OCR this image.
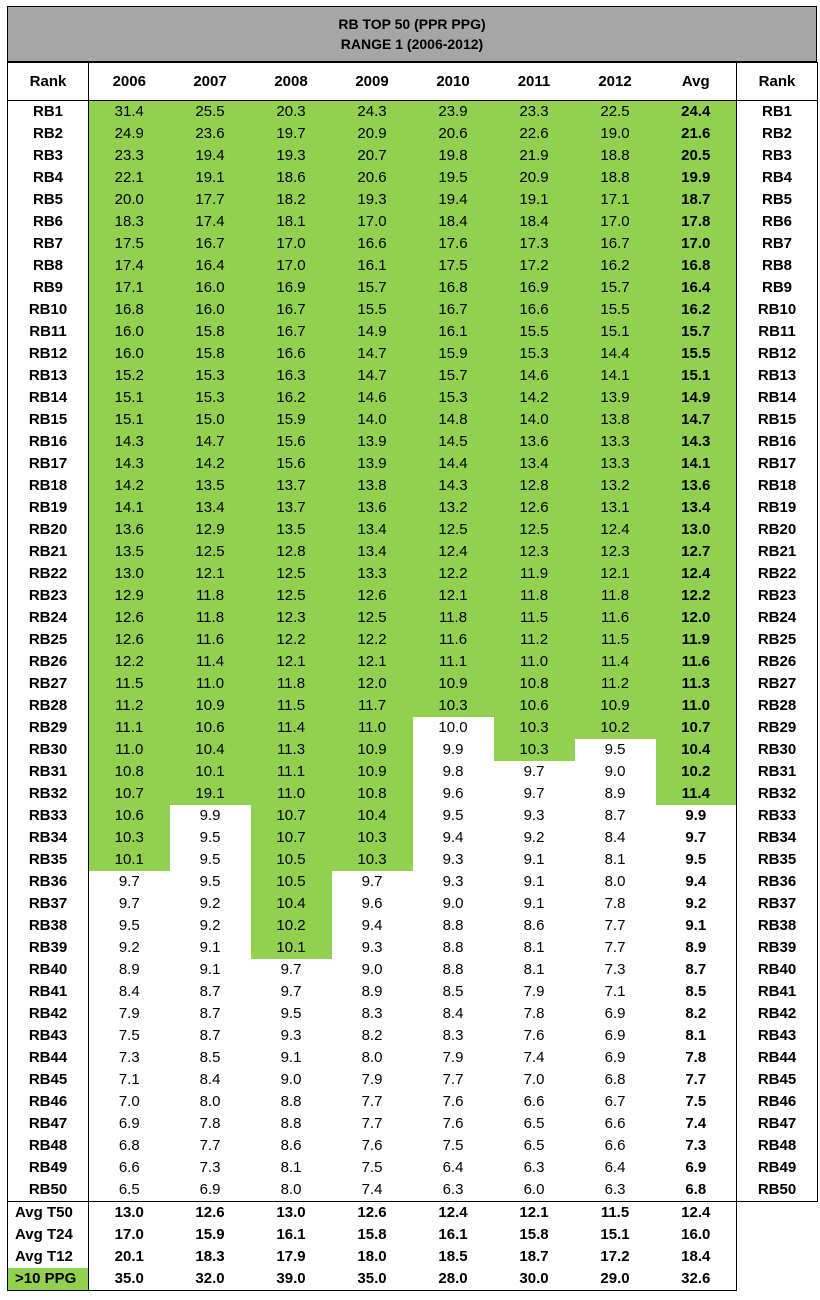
RB TOP 50 (PPR PPG)
RANGE 1 (2006-2012)
Rank	2006	2007	2008	2009	2010	2011	2012	Avg	Rank
RB1	31.4	25.5	20.3	24.3	23.9	23.3	22.5	24.4	RB1
RB2	24.9	23.6	19.7	20.9	20.6	22.6	19.0	21.6	RB2
RB3	23.3	19.4	19.3	20.7	19.8	21.9	18.8	20.5	RB3
RB4	22.1	19.1	18.6	20.6	19.5	20.9	18.8	19.9	RB4
RB5	20.0	17.7	18.2	19.3	19.4	19.1	17.1	18.7	RB5
RB6	18.3	17.4	18.1	17.0	18.4	18.4	17.0	17.8	RB6
RB7	17.5	16.7	17.0	16.6	17.6	17.3	16.7	17.0	RB7
RB8	17.4	16.4	17.0	16.1	17.5	17.2	16.2	16.8	RB8
RB9	17.1	16.0	16.9	15.7	16.8	16.9	15.7	16.4	RB9
RB10	16.8	16.0	16.7	15.5	16.7	16.6	15.5	16.2	RB10
RB11	16.0	15.8	16.7	14.9	16.1	15.5	15.1	15.7	RB11
RB12	16.0	15.8	16.6	14.7	15.9	15.3	14.4	15.5	RB12
RB13	15.2	15.3	16.3	14.7	15.7	14.6	14.1	15.1	RB13
RB14	15.1	15.3	16.2	14.6	15.3	14.2	13.9	14.9	RB14
RB15	15.1	15.0	15.9	14.0	14.8	14.0	13.8	14.7	RB15
RB16	14.3	14.7	15.6	13.9	14.5	13.6	13.3	14.3	RB16
RB17	14.3	14.2	15.6	13.9	14.4	13.4	13.3	14.1	RB17
RB18	14.2	13.5	13.7	13.8	14.3	12.8	13.2	13.6	RB18
RB19	14.1	13.4	13.7	13.6	13.2	12.6	13.1	13.4	RB19
RB20	13.6	12.9	13.5	13.4	12.5	12.5	12.4	13.0	RB20
RB21	13.5	12.5	12.8	13.4	12.4	12.3	12.3	12.7	RB21
RB22	13.0	12.1	12.5	13.3	12.2	11.9	12.1	12.4	RB22
RB23	12.9	11.8	12.5	12.6	12.1	11.8	11.8	12.2	RB23
RB24	12.6	11.8	12.3	12.5	11.8	11.5	11.6	12.0	RB24
RB25	12.6	11.6	12.2	12.2	11.6	11.2	11.5	11.9	RB25
RB26	12.2	11.4	12.1	12.1	11.1	11.0	11.4	11.6	RB26
RB27	11.5	11.0	11.8	12.0	10.9	10.8	11.2	11.3	RB27
RB28	11.2	10.9	11.5	11.7	10.3	10.6	10.9	11.0	RB28
RB29	11.1	10.6	11.4	11.0	10.0	10.3	10.2	10.7	RB29
RB30	11.0	10.4	11.3	10.9	9.9	10.3	9.5	10.4	RB30
RB31	10.8	10.1	11.1	10.9	9.8	9.7	9.0	10.2	RB31
RB32	10.7	19.1	11.0	10.8	9.6	9.7	8.9	11.4	RB32
RB33	10.6	9.9	10.7	10.4	9.5	9.3	8.7	9.9	RB33
RB34	10.3	9.5	10.7	10.3	9.4	9.2	8.4	9.7	RB34
RB35	10.1	9.5	10.5	10.3	9.3	9.1	8.1	9.5	RB35
RB36	9.7	9.5	10.5	9.7	9.3	9.1	8.0	9.4	RB36
RB37	9.7	9.2	10.4	9.6	9.0	9.1	7.8	9.2	RB37
RB38	9.5	9.2	10.2	9.4	8.8	8.6	7.7	9.1	RB38
RB39	9.2	9.1	10.1	9.3	8.8	8.1	7.7	8.9	RB39
RB40	8.9	9.1	9.7	9.0	8.8	8.1	7.3	8.7	RB40
RB41	8.4	8.7	9.7	8.9	8.5	7.9	7.1	8.5	RB41
RB42	7.9	8.7	9.5	8.3	8.4	7.8	6.9	8.2	RB42
RB43	7.5	8.7	9.3	8.2	8.3	7.6	6.9	8.1	RB43
RB44	7.3	8.5	9.1	8.0	7.9	7.4	6.9	7.8	RB44
RB45	7.1	8.4	9.0	7.9	7.7	7.0	6.8	7.7	RB45
RB46	7.0	8.0	8.8	7.7	7.6	6.6	6.7	7.5	RB46
RB47	6.9	7.8	8.8	7.7	7.6	6.5	6.6	7.4	RB47
RB48	6.8	7.7	8.6	7.6	7.5	6.5	6.6	7.3	RB48
RB49	6.6	7.3	8.1	7.5	6.4	6.3	6.4	6.9	RB49
RB50	6.5	6.9	8.0	7.4	6.3	6.0	6.3	6.8	RB50
Avg T50	13.0	12.6	13.0	12.6	12.4	12.1	11.5	12.4	
Avg T24	17.0	15.9	16.1	15.8	16.1	15.8	15.1	16.0	
Avg T12	20.1	18.3	17.9	18.0	18.5	18.7	17.2	18.4	
>10 PPG	35.0	32.0	39.0	35.0	28.0	30.0	29.0	32.6	
